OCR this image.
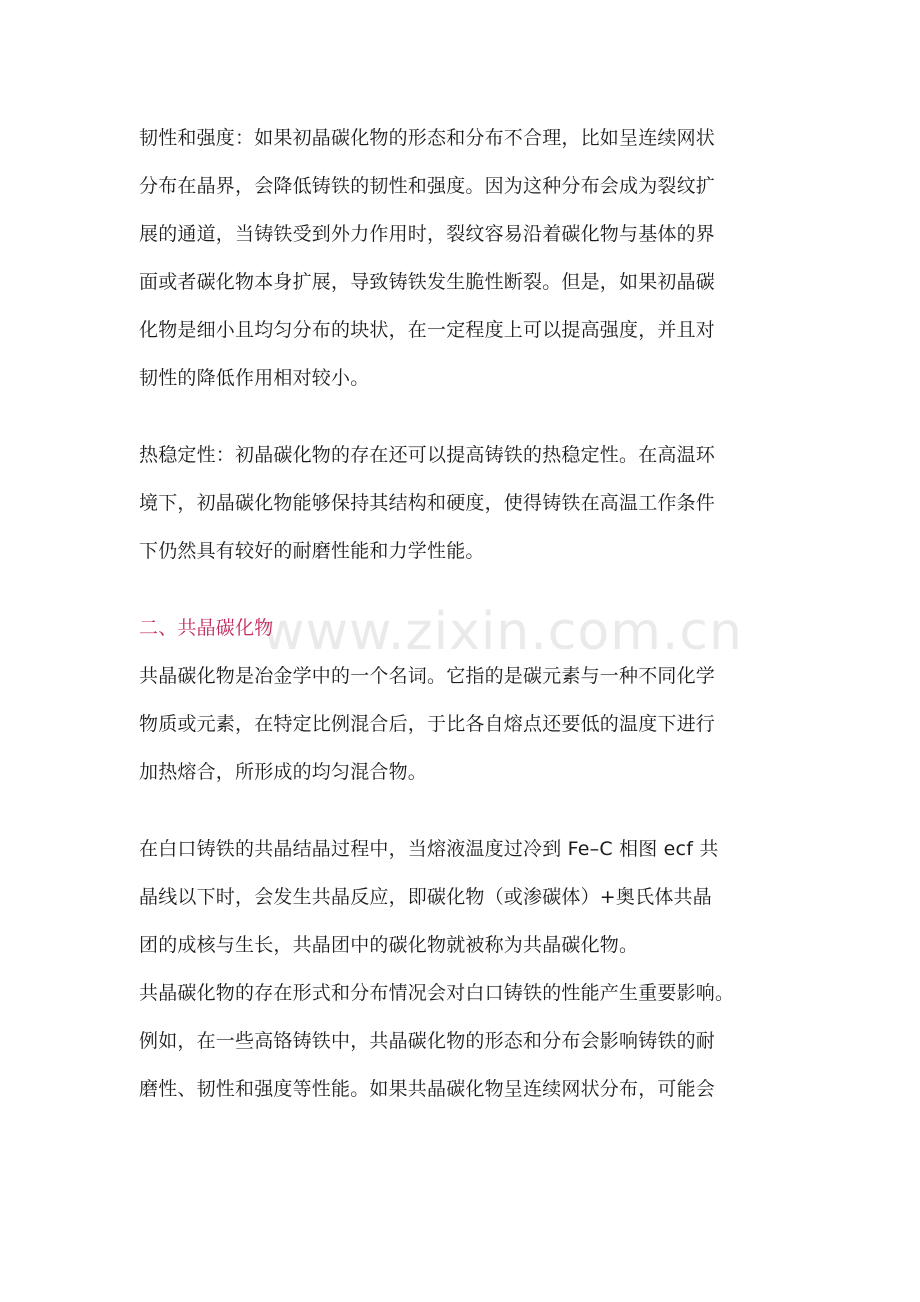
www.zixin.com.cn
韧性和强度：如果初晶碳化物的形态和分布不合理，比如呈连续网状
分布在晶界，会降低铸铁的韧性和强度。因为这种分布会成为裂纹扩
展的通道，当铸铁受到外力作用时，裂纹容易沿着碳化物与基体的界
面或者碳化物本身扩展，导致铸铁发生脆性断裂。但是，如果初晶碳
化物是细小且均匀分布的块状，在一定程度上可以提高强度，并且对
韧性的降低作用相对较小。
热稳定性：初晶碳化物的存在还可以提高铸铁的热稳定性。在高温环
境下，初晶碳化物能够保持其结构和硬度，使得铸铁在高温工作条件
下仍然具有较好的耐磨性能和力学性能。
二、共晶碳化物
共晶碳化物是冶金学中的一个名词。它指的是碳元素与一种不同化学
物质或元素，在特定比例混合后，于比各自熔点还要低的温度下进行
加热熔合，所形成的均匀混合物。
在白口铸铁的共晶结晶过程中，当熔液温度过冷到 Fe–C 相图 ecf 共
晶线以下时，会发生共晶反应，即碳化物（或渗碳体）+奥氏体共晶
团的成核与生长，共晶团中的碳化物就被称为共晶碳化物。
共晶碳化物的存在形式和分布情况会对白口铸铁的性能产生重要影响。
例如，在一些高铬铸铁中，共晶碳化物的形态和分布会影响铸铁的耐
磨性、韧性和强度等性能。如果共晶碳化物呈连续网状分布，可能会
